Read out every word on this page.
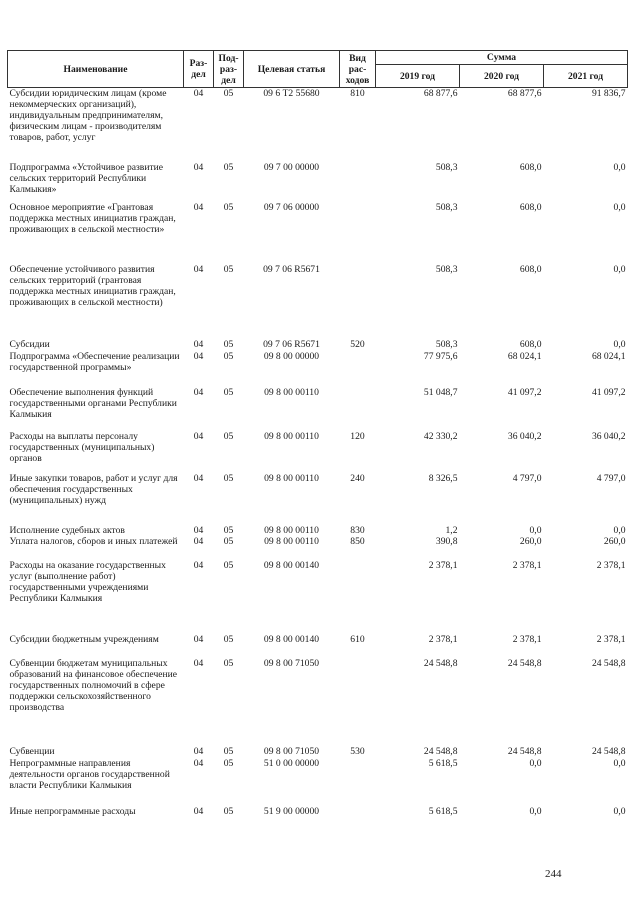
Наименование	Раз- дел	Под- раз- дел	Целевая статья	Вид рас- ходов	Сумма		
					2019 год	2020 год	2021 год
Субсидии юридическим лицам (кроме некоммерческих организаций), индивидуальным предпринимателям, физическим лицам - производителям товаров, работ, услуг	04	05	09 6 Т2 55680	810	68 877,6	68 877,6	91 836,7
Подпрограмма «Устойчивое развитие сельских территорий Республики Калмыкия»	04	05	09 7 00 00000		508,3	608,0	0,0
Основное мероприятие «Грантовая поддержка местных инициатив граждан, проживающих в сельской местности»	04	05	09 7 06 00000		508,3	608,0	0,0
Обеспечение устойчивого развития сельских территорий (грантовая поддержка местных инициатив граждан, проживающих в сельской местности)	04	05	09 7 06 R5671		508,3	608,0	0,0
Субсидии	04	05	09 7 06 R5671	520	508,3	608,0	0,0
Подпрограмма «Обеспечение реализации государственной программы»	04	05	09 8 00 00000		77 975,6	68 024,1	68 024,1
Обеспечение выполнения функций государственными органами Республики Калмыкия	04	05	09 8 00 00110		51 048,7	41 097,2	41 097,2
Расходы на выплаты персоналу государственных (муниципальных) органов	04	05	09 8 00 00110	120	42 330,2	36 040,2	36 040,2
Иные закупки товаров, работ и услуг для обеспечения государственных (муниципальных) нужд	04	05	09 8 00 00110	240	8 326,5	4 797,0	4 797,0
Исполнение судебных актов	04	05	09 8 00 00110	830	1,2	0,0	0,0
Уплата налогов, сборов и иных платежей	04	05	09 8 00 00110	850	390,8	260,0	260,0
Расходы на оказание государственных услуг (выполнение работ) государственными учреждениями Республики Калмыкия	04	05	09 8 00 00140		2 378,1	2 378,1	2 378,1
Субсидии бюджетным учреждениям	04	05	09 8 00 00140	610	2 378,1	2 378,1	2 378,1
Субвенции бюджетам муниципальных образований на финансовое обеспечение государственных полномочий в сфере поддержки сельскохозяйственного производства	04	05	09 8 00 71050		24 548,8	24 548,8	24 548,8
Субвенции	04	05	09 8 00 71050	530	24 548,8	24 548,8	24 548,8
Непрограммные направления деятельности органов государственной власти Республики Калмыкия	04	05	51 0 00 00000		5 618,5	0,0	0,0
Иные непрограммные расходы	04	05	51 9 00 00000		5 618,5	0,0	0,0
244
